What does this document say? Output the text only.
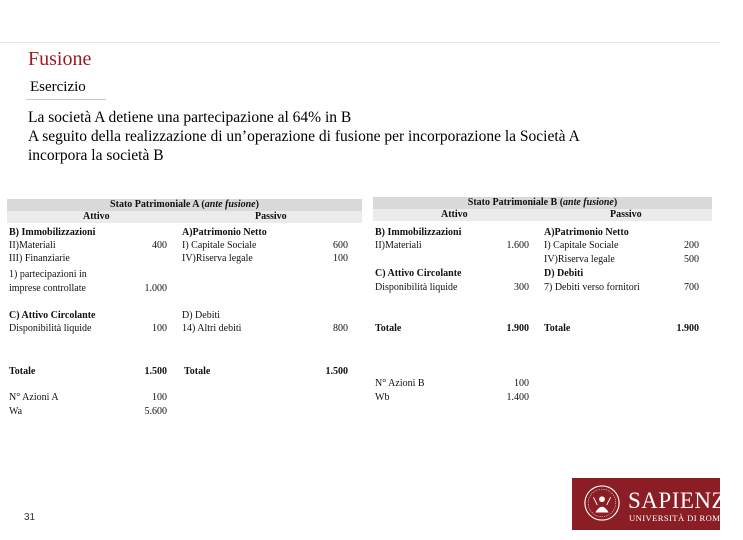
Fusione
Esercizio
La società A detiene una partecipazione al 64% in B
A seguito della realizzazione di un’operazione di fusione per incorporazione la Società A
incorpora la società B
Stato Patrimoniale A (ante fusione)
Attivo	Passivo
B) Immobilizzazioni	A)Patrimonio Netto
II)Materiali	400 I) Capitale Sociale	600
III) Finanziarie	IV)Riserva legale	100
1) partecipazioni in
imprese controllate	1.000
C) Attivo Circolante	D) Debiti
Disponibilità liquide	100 14) Altri debiti	800
Totale	1.500 Totale	1.500
N° Azioni A	100
Wa	5.600
Stato Patrimoniale B (ante fusione)
Attivo	Passivo
B) Immobilizzazioni	A)Patrimonio Netto
II)Materiali	1.600 I) Capitale Sociale	200
IV)Riserva legale	500
C) Attivo Circolante	D) Debiti
Disponibilità liquide	300 7) Debiti verso fornitori	700
Totale	1.900 Totale	1.900
N° Azioni B	100
Wb	1.400
31
SAPIENZA
UNIVERSITÀ DI ROMA
